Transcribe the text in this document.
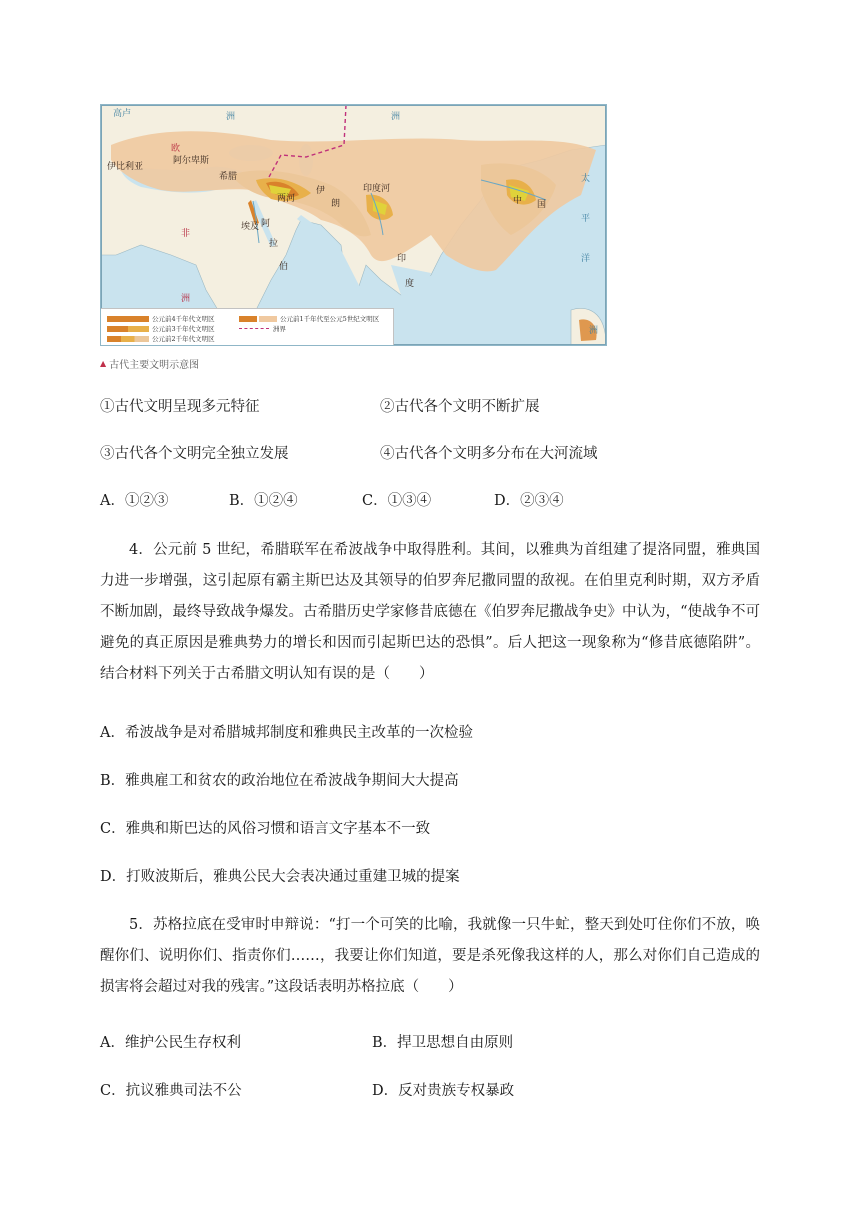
欧
高卢
伊比利亚
阿尔卑斯
希腊
洲	洲
非
洲
两河
埃及
伊
朗
阿
拉
伯
印度河
印
度
中 国
太
平
洋
洲
公元前4千年代文明区
公元前3千年代文明区
公元前2千年代文明区
公元前1千年代至公元5世纪文明区
洲界
▲ 古代主要文明示意图
①古代文明呈现多元特征	②古代各个文明不断扩展
③古代各个文明完全独立发展	④古代各个文明多分布在大河流域
A．①②③	B．①②④	C．①③④	D．②③④
4．公元前 5 世纪，希腊联军在希波战争中取得胜利。其间，以雅典为首组建了提洛同盟，雅典国力进一步增强，这引起原有霸主斯巴达及其领导的伯罗奔尼撒同盟的敌视。在伯里克利时期，双方矛盾不断加剧，最终导致战争爆发。古希腊历史学家修昔底德在《伯罗奔尼撒战争史》中认为，“使战争不可避免的真正原因是雅典势力的增长和因而引起斯巴达的恐惧”。后人把这一现象称为“修昔底德陷阱”。结合材料下列关于古希腊文明认知有误的是（　　）
A．希波战争是对希腊城邦制度和雅典民主改革的一次检验
B．雅典雇工和贫农的政治地位在希波战争期间大大提高
C．雅典和斯巴达的风俗习惯和语言文字基本不一致
D．打败波斯后，雅典公民大会表决通过重建卫城的提案
5．苏格拉底在受审时申辩说：“打一个可笑的比喻，我就像一只牛虻，整天到处叮住你们不放，唤醒你们、说明你们、指责你们……，我要让你们知道，要是杀死像我这样的人，那么对你们自己造成的损害将会超过对我的残害。”这段话表明苏格拉底（　　）
A．维护公民生存权利	B．捍卫思想自由原则
C．抗议雅典司法不公	D．反对贵族专权暴政
